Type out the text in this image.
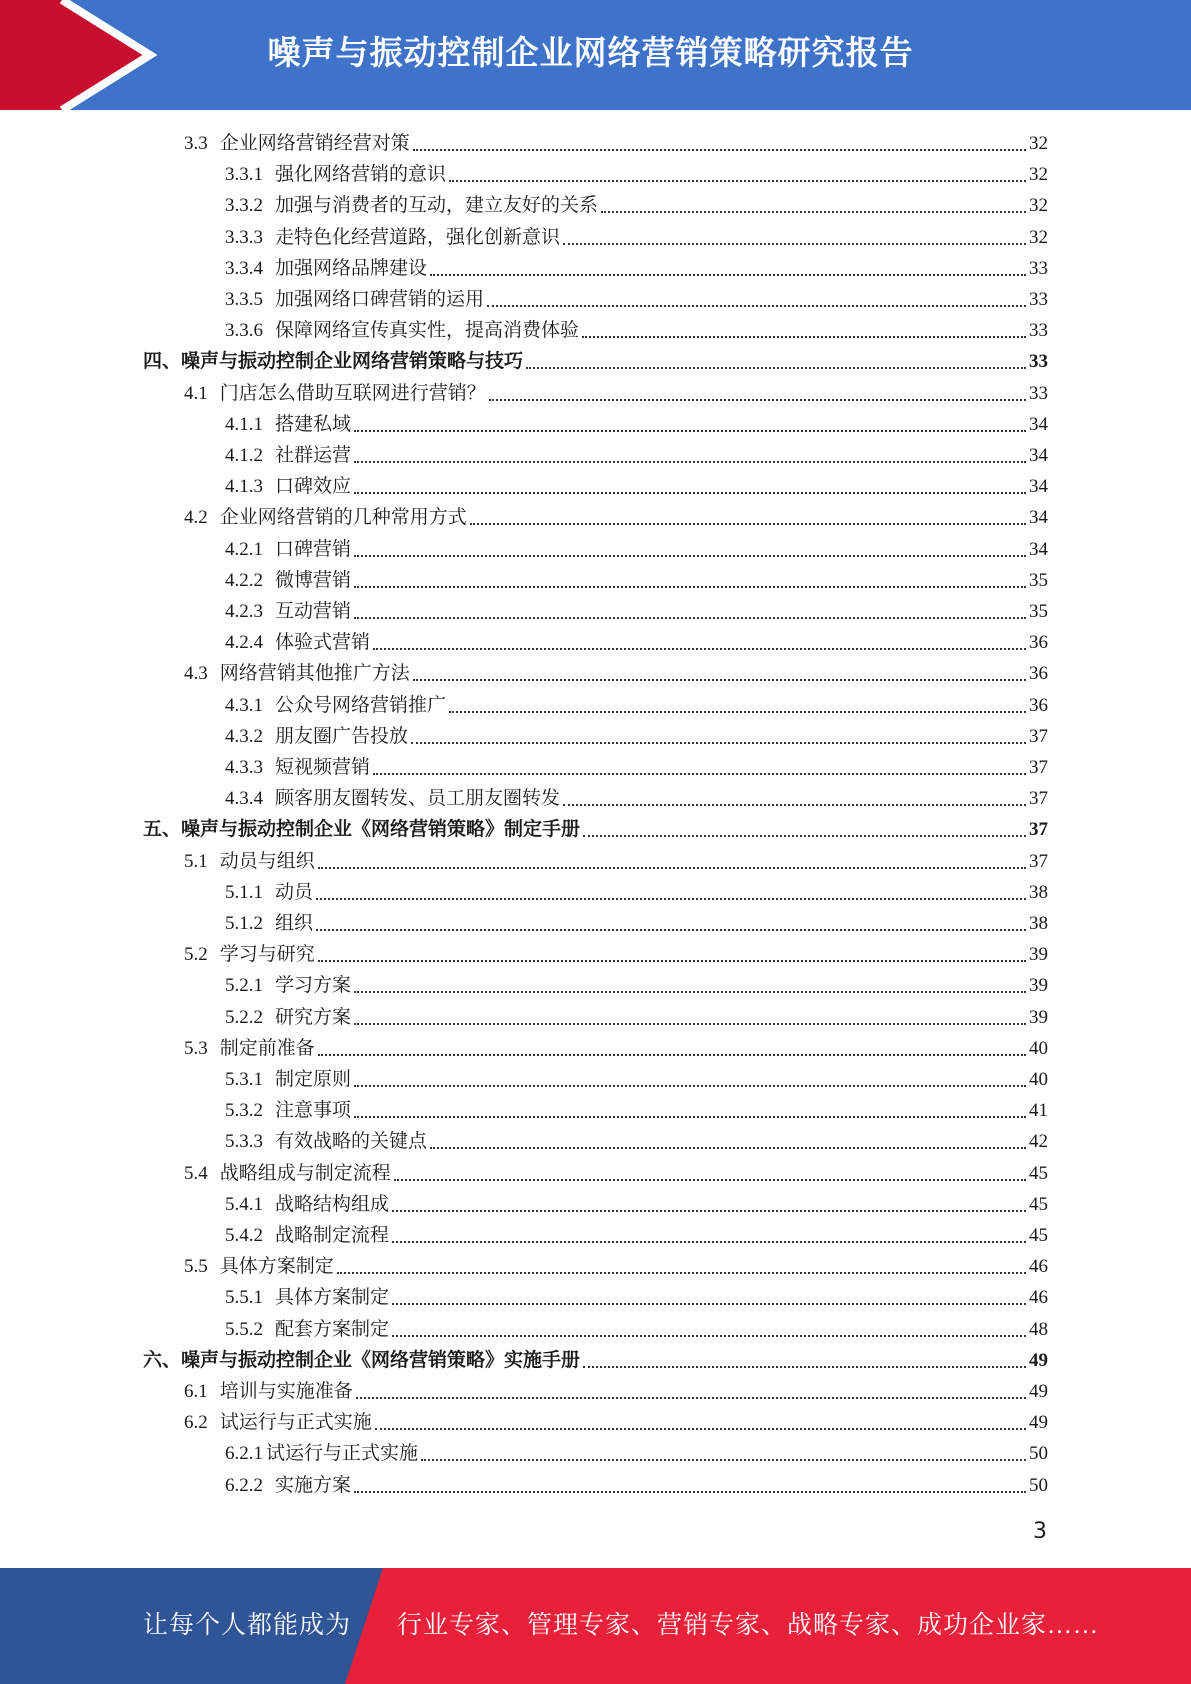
噪声与振动控制企业网络营销策略研究报告
3.3 企业网络营销经营对策	32
3.3.1 强化网络营销的意识	32
3.3.2 加强与消费者的互动，建立友好的关系	32
3.3.3 走特色化经营道路，强化创新意识	32
3.3.4 加强网络品牌建设	33
3.3.5 加强网络口碑营销的运用	33
3.3.6 保障网络宣传真实性，提高消费体验	33
四、噪声与振动控制企业网络营销策略与技巧	33
4.1 门店怎么借助互联网进行营销？	33
4.1.1 搭建私域	34
4.1.2 社群运营	34
4.1.3 口碑效应	34
4.2 企业网络营销的几种常用方式	34
4.2.1 口碑营销	34
4.2.2 微博营销	35
4.2.3 互动营销	35
4.2.4 体验式营销	36
4.3 网络营销其他推广方法	36
4.3.1 公众号网络营销推广	36
4.3.2 朋友圈广告投放	37
4.3.3 短视频营销	37
4.3.4 顾客朋友圈转发、员工朋友圈转发	37
五、噪声与振动控制企业《网络营销策略》制定手册	37
5.1 动员与组织	37
5.1.1 动员	38
5.1.2 组织	38
5.2 学习与研究	39
5.2.1 学习方案	39
5.2.2 研究方案	39
5.3 制定前准备	40
5.3.1 制定原则	40
5.3.2 注意事项	41
5.3.3 有效战略的关键点	42
5.4 战略组成与制定流程	45
5.4.1 战略结构组成	45
5.4.2 战略制定流程	45
5.5 具体方案制定	46
5.5.1 具体方案制定	46
5.5.2 配套方案制定	48
六、噪声与振动控制企业《网络营销策略》实施手册	49
6.1 培训与实施准备	49
6.2 试运行与正式实施	49
6.2.1 试运行与正式实施	50
6.2.2 实施方案	50
3
让每个人都能成为 行业专家、管理专家、营销专家、战略专家、成功企业家……
